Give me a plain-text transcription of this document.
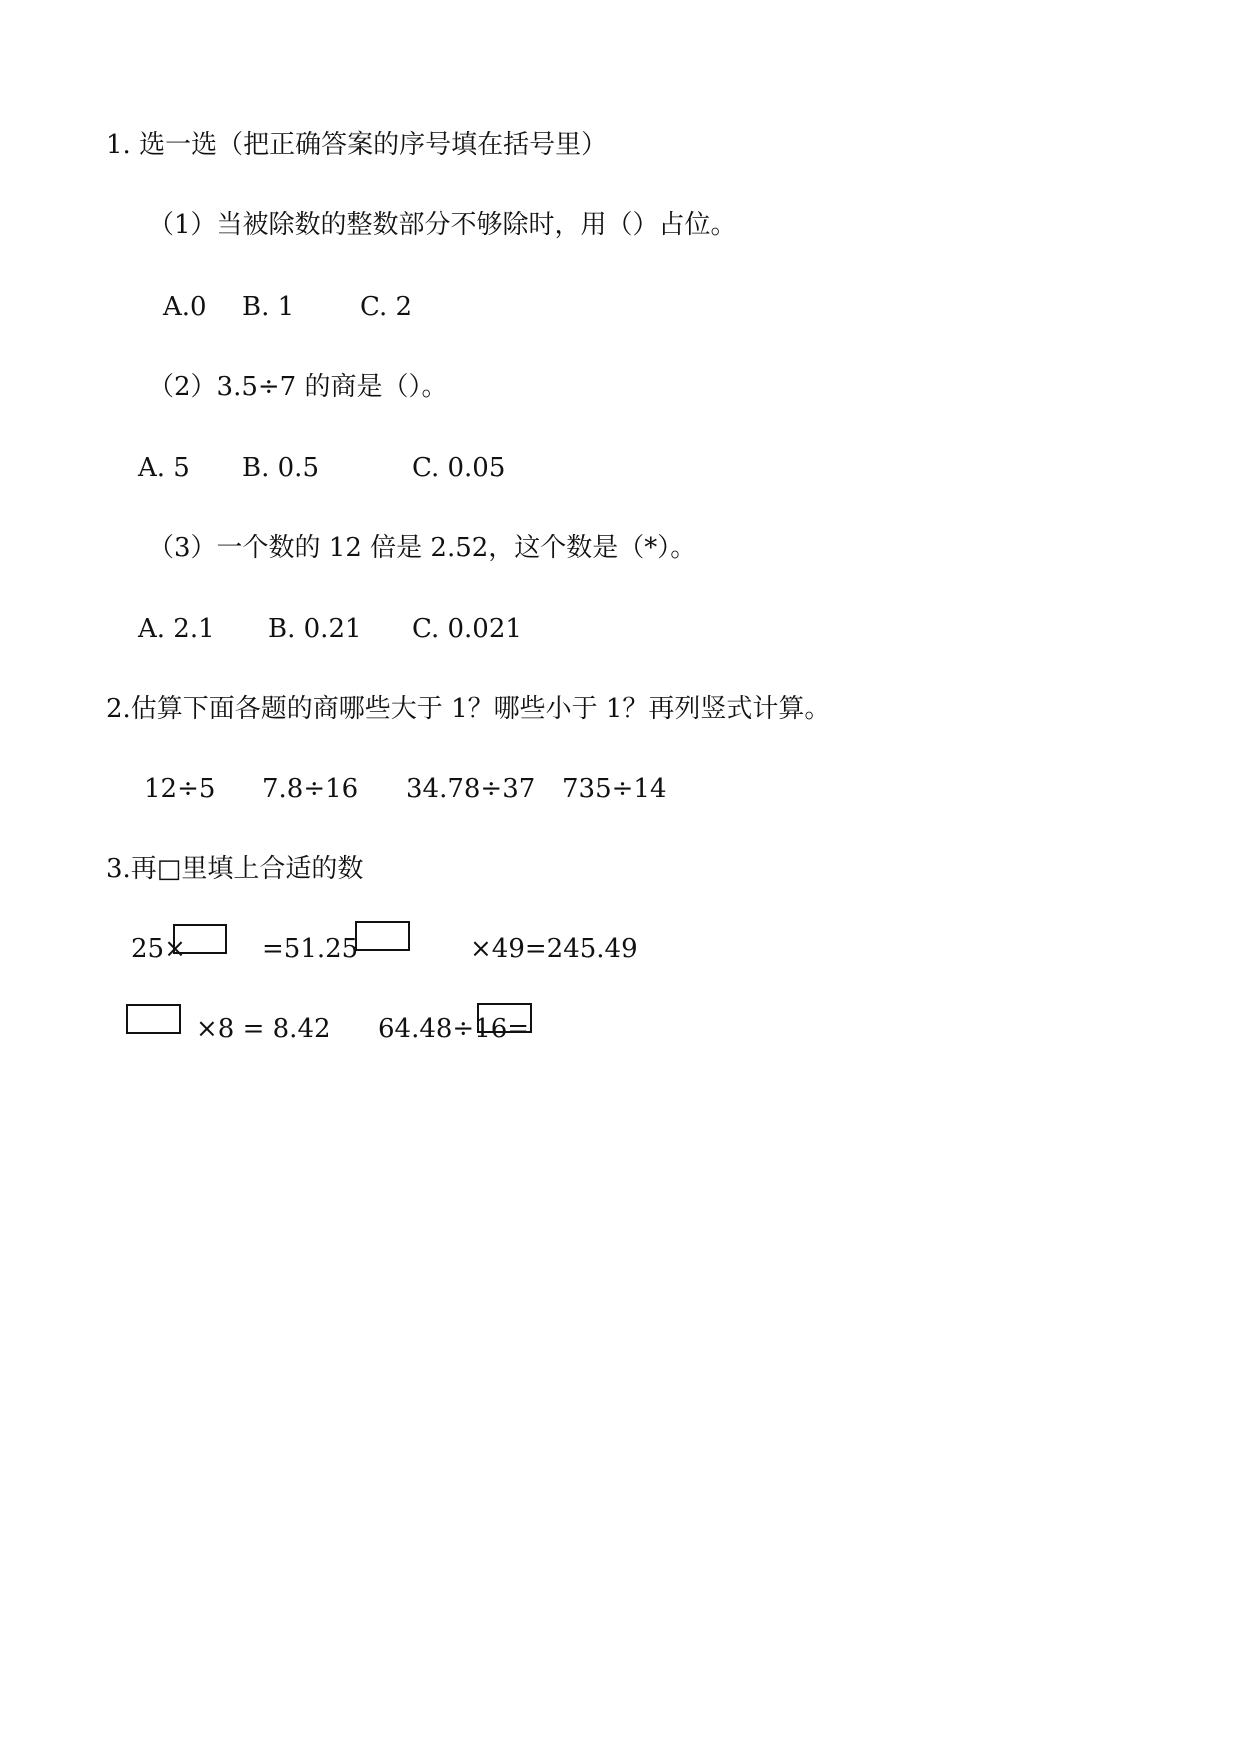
1. 选一选（把正确答案的序号填在括号里）
（1）当被除数的整数部分不够除时，用（）占位。
A.0 B. 1	C. 2
（2）3.5÷7 的商是（）。
A. 5 B. 0.5	C. 0.05
（3）一个数的 12 倍是 2.52，这个数是（*）。
A. 2.1 B. 0.21 C. 0.021
2.估算下面各题的商哪些大于 1？哪些小于 1？再列竖式计算。
12÷5 7.8÷16 34.78÷37 735÷14
3.再□里填上合适的数
25×	=51.25	×49=245.49
×8 = 8.42 64.48÷16=
